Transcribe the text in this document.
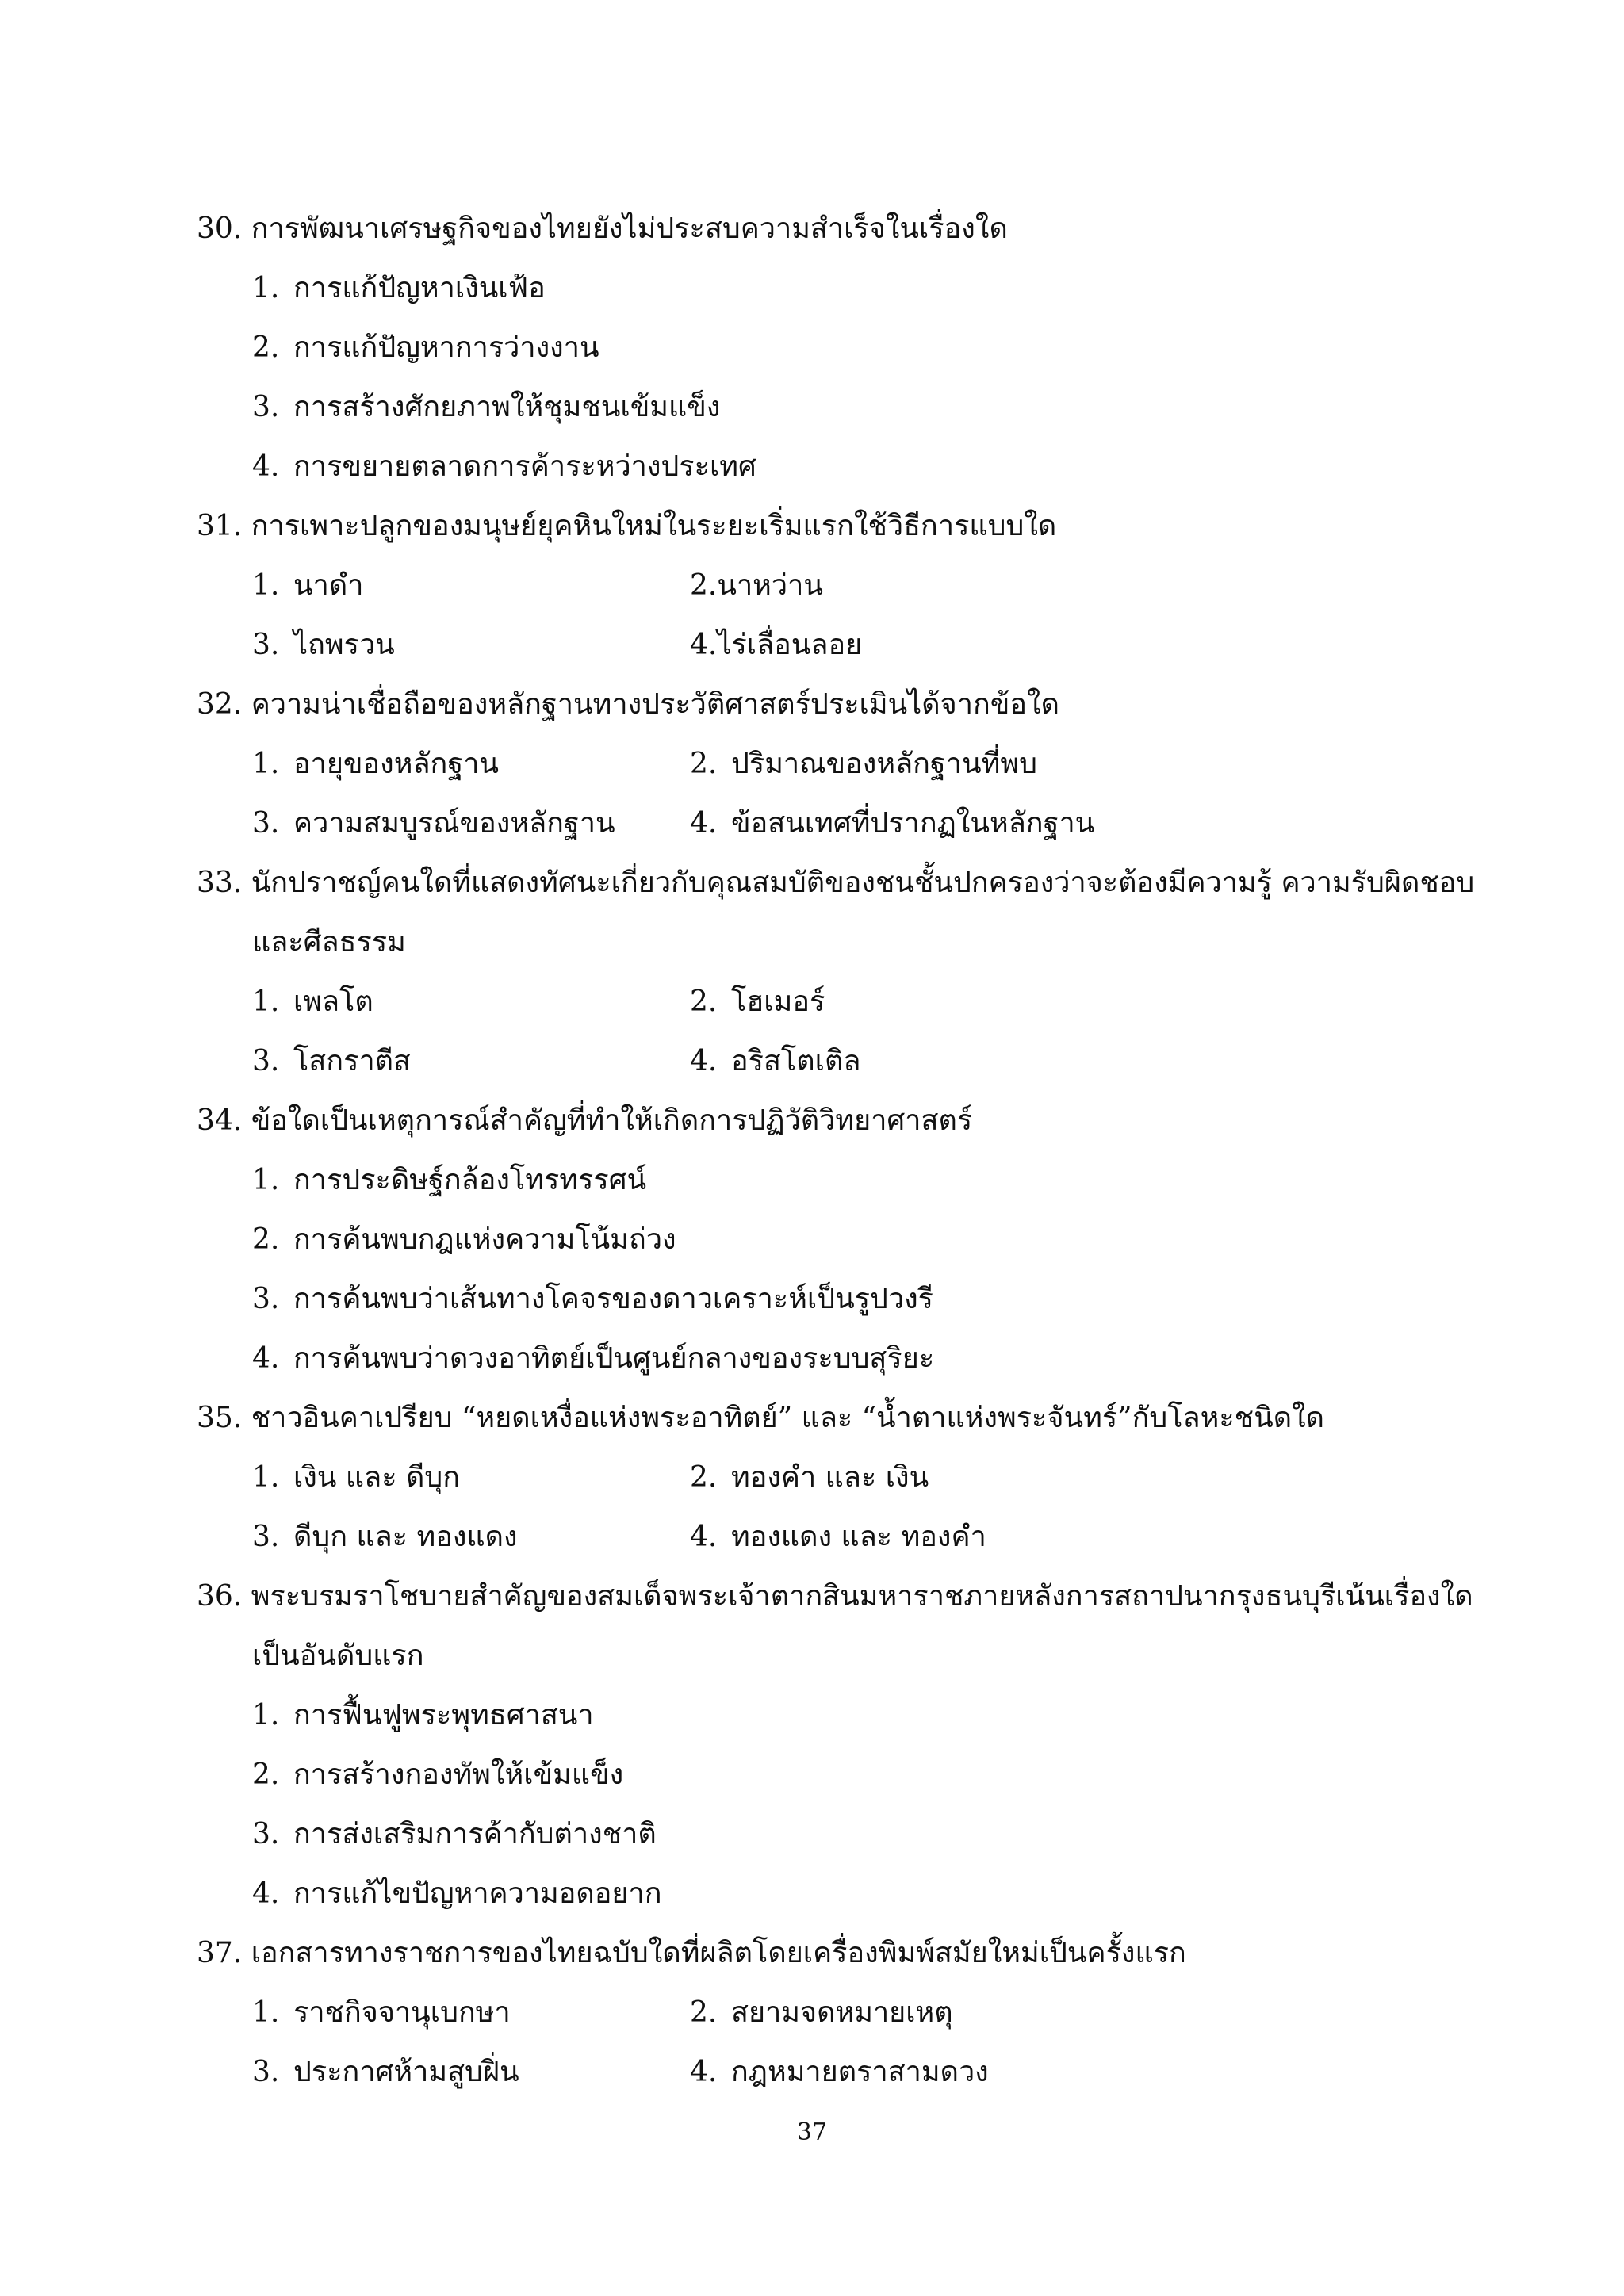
30. การพัฒนาเศรษฐกิจของไทยยังไม่ประสบความสำเร็จในเรื่องใด
1. การแก้ปัญหาเงินเฟ้อ
2. การแก้ปัญหาการว่างงาน
3. การสร้างศักยภาพให้ชุมชนเข้มแข็ง
4. การขยายตลาดการค้าระหว่างประเทศ
31. การเพาะปลูกของมนุษย์ยุคหินใหม่ในระยะเริ่มแรกใช้วิธีการแบบใด
1. นาดำ	2.นาหว่าน
3. ไถพรวน	4.ไร่เลื่อนลอย
32. ความน่าเชื่อถือของหลักฐานทางประวัติศาสตร์ประเมินได้จากข้อใด
1. อายุของหลักฐาน	2. ปริมาณของหลักฐานที่พบ
3. ความสมบูรณ์ของหลักฐาน	4. ข้อสนเทศที่ปรากฏในหลักฐาน
33. นักปราชญ์คนใดที่แสดงทัศนะเกี่ยวกับคุณสมบัติของชนชั้นปกครองว่าจะต้องมีความรู้ ความรับผิดชอบ
และศีลธรรม
1. เพลโต	2. โฮเมอร์
3. โสกราตีส	4. อริสโตเติล
34. ข้อใดเป็นเหตุการณ์สำคัญที่ทำให้เกิดการปฏิวัติวิทยาศาสตร์
1. การประดิษฐ์กล้องโทรทรรศน์
2. การค้นพบกฎแห่งความโน้มถ่วง
3. การค้นพบว่าเส้นทางโคจรของดาวเคราะห์เป็นรูปวงรี
4. การค้นพบว่าดวงอาทิตย์เป็นศูนย์กลางของระบบสุริยะ
35. ชาวอินคาเปรียบ “หยดเหงื่อแห่งพระอาทิตย์” และ “น้ำตาแห่งพระจันทร์”กับโลหะชนิดใด
1. เงิน และ ดีบุก	2. ทองคำ และ เงิน
3. ดีบุก และ ทองแดง	4. ทองแดง และ ทองคำ
36. พระบรมราโชบายสำคัญของสมเด็จพระเจ้าตากสินมหาราชภายหลังการสถาปนากรุงธนบุรีเน้นเรื่องใด
เป็นอันดับแรก
1. การฟื้นฟูพระพุทธศาสนา
2. การสร้างกองทัพให้เข้มแข็ง
3. การส่งเสริมการค้ากับต่างชาติ
4. การแก้ไขปัญหาความอดอยาก
37. เอกสารทางราชการของไทยฉบับใดที่ผลิตโดยเครื่องพิมพ์สมัยใหม่เป็นครั้งแรก
1. ราชกิจจานุเบกษา	2. สยามจดหมายเหตุ
3. ประกาศห้ามสูบฝิ่น	4. กฎหมายตราสามดวง
37
